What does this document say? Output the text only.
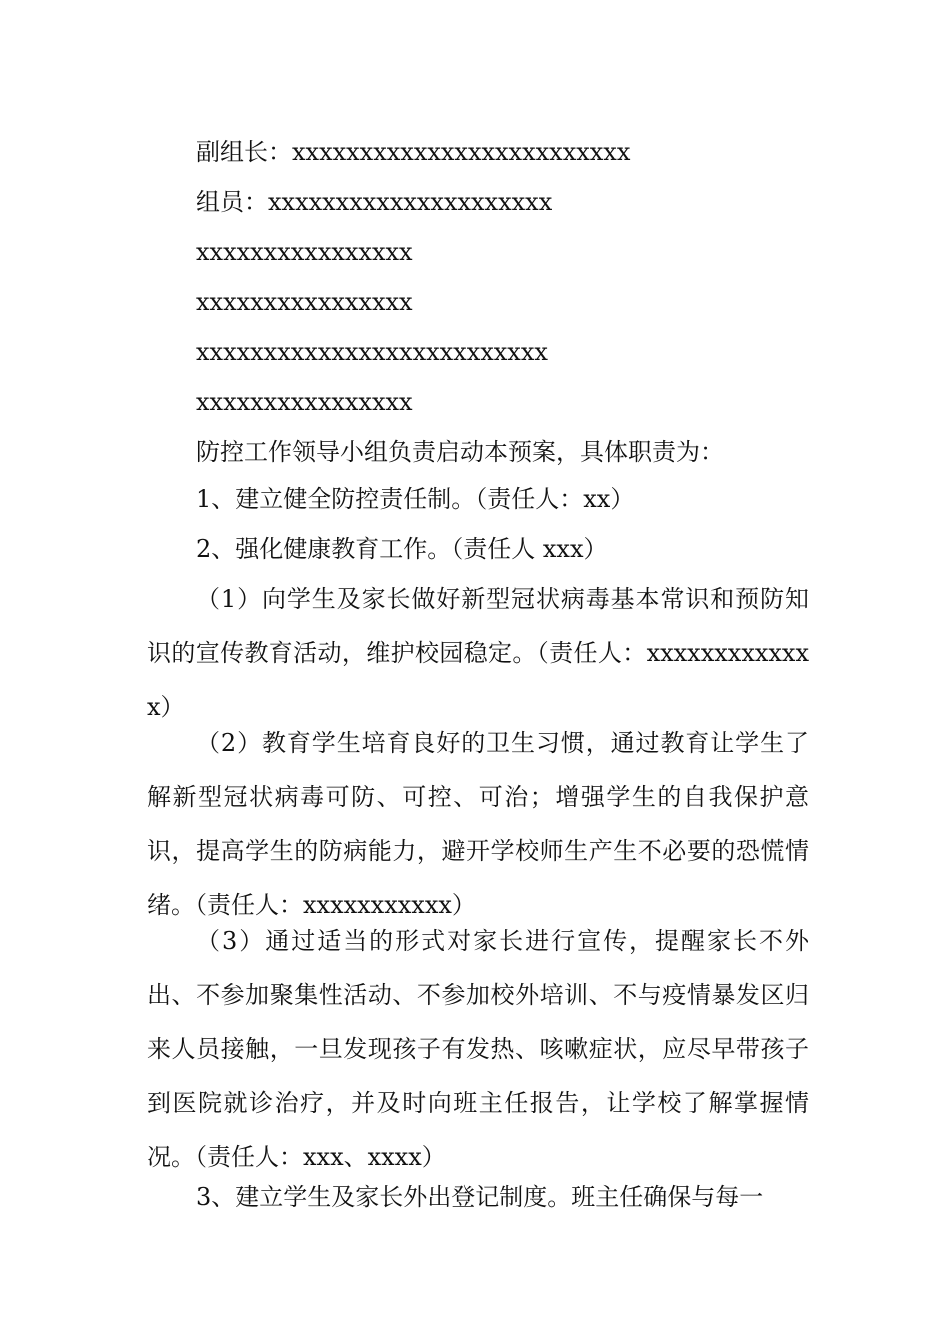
副组长：xxxxxxxxxxxxxxxxxxxxxxxxx
组员：xxxxxxxxxxxxxxxxxxxxx
xxxxxxxxxxxxxxxx
xxxxxxxxxxxxxxxx
xxxxxxxxxxxxxxxxxxxxxxxxxx
xxxxxxxxxxxxxxxx
防控工作领导小组负责启动本预案，具体职责为：
1、建立健全防控责任制。（责任人：xx）
2、强化健康教育工作。（责任人 xxx）
（1）向学生及家长做好新型冠状病毒基本常识和预防知识的宣传教育活动，维护校园稳定。（责任人：xxxxxxxxxxxxx）
（2）教育学生培育良好的卫生习惯，通过教育让学生了解新型冠状病毒可防、可控、可治；增强学生的自我保护意识，提高学生的防病能力，避开学校师生产生不必要的恐慌情绪。（责任人：xxxxxxxxxxx）
（3）通过适当的形式对家长进行宣传，提醒家长不外出、不参加聚集性活动、不参加校外培训、不与疫情暴发区归来人员接触，一旦发现孩子有发热、咳嗽症状，应尽早带孩子到医院就诊治疗，并及时向班主任报告，让学校了解掌握情况。（责任人：xxx、xxxx）
3、建立学生及家长外出登记制度。班主任确保与每一
